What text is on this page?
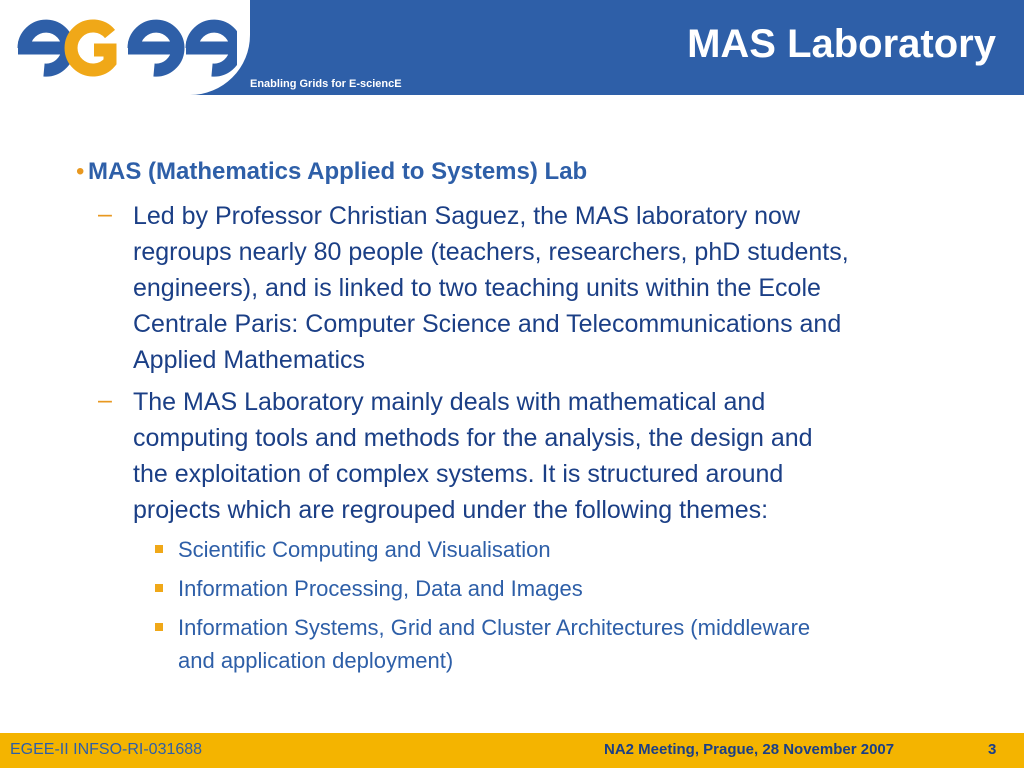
Enabling Grids for E-sciencE
MAS Laboratory
• MAS (Mathematics Applied to Systems) Lab
– Led by Professor Christian Saguez, the MAS laboratory now
regroups nearly 80 people (teachers, researchers, phD students,
engineers), and is linked to two teaching units within the Ecole
Centrale Paris: Computer Science and Telecommunications and
Applied Mathematics
– The MAS Laboratory mainly deals with mathematical and
computing tools and methods for the analysis, the design and
the exploitation of complex systems. It is structured around
projects which are regrouped under the following themes:
Scientific Computing and Visualisation
Information Processing, Data and Images
Information Systems, Grid and Cluster Architectures (middleware
and application deployment)
EGEE-II INFSO-RI-031688	NA2 Meeting, Prague, 28 November 2007	3
